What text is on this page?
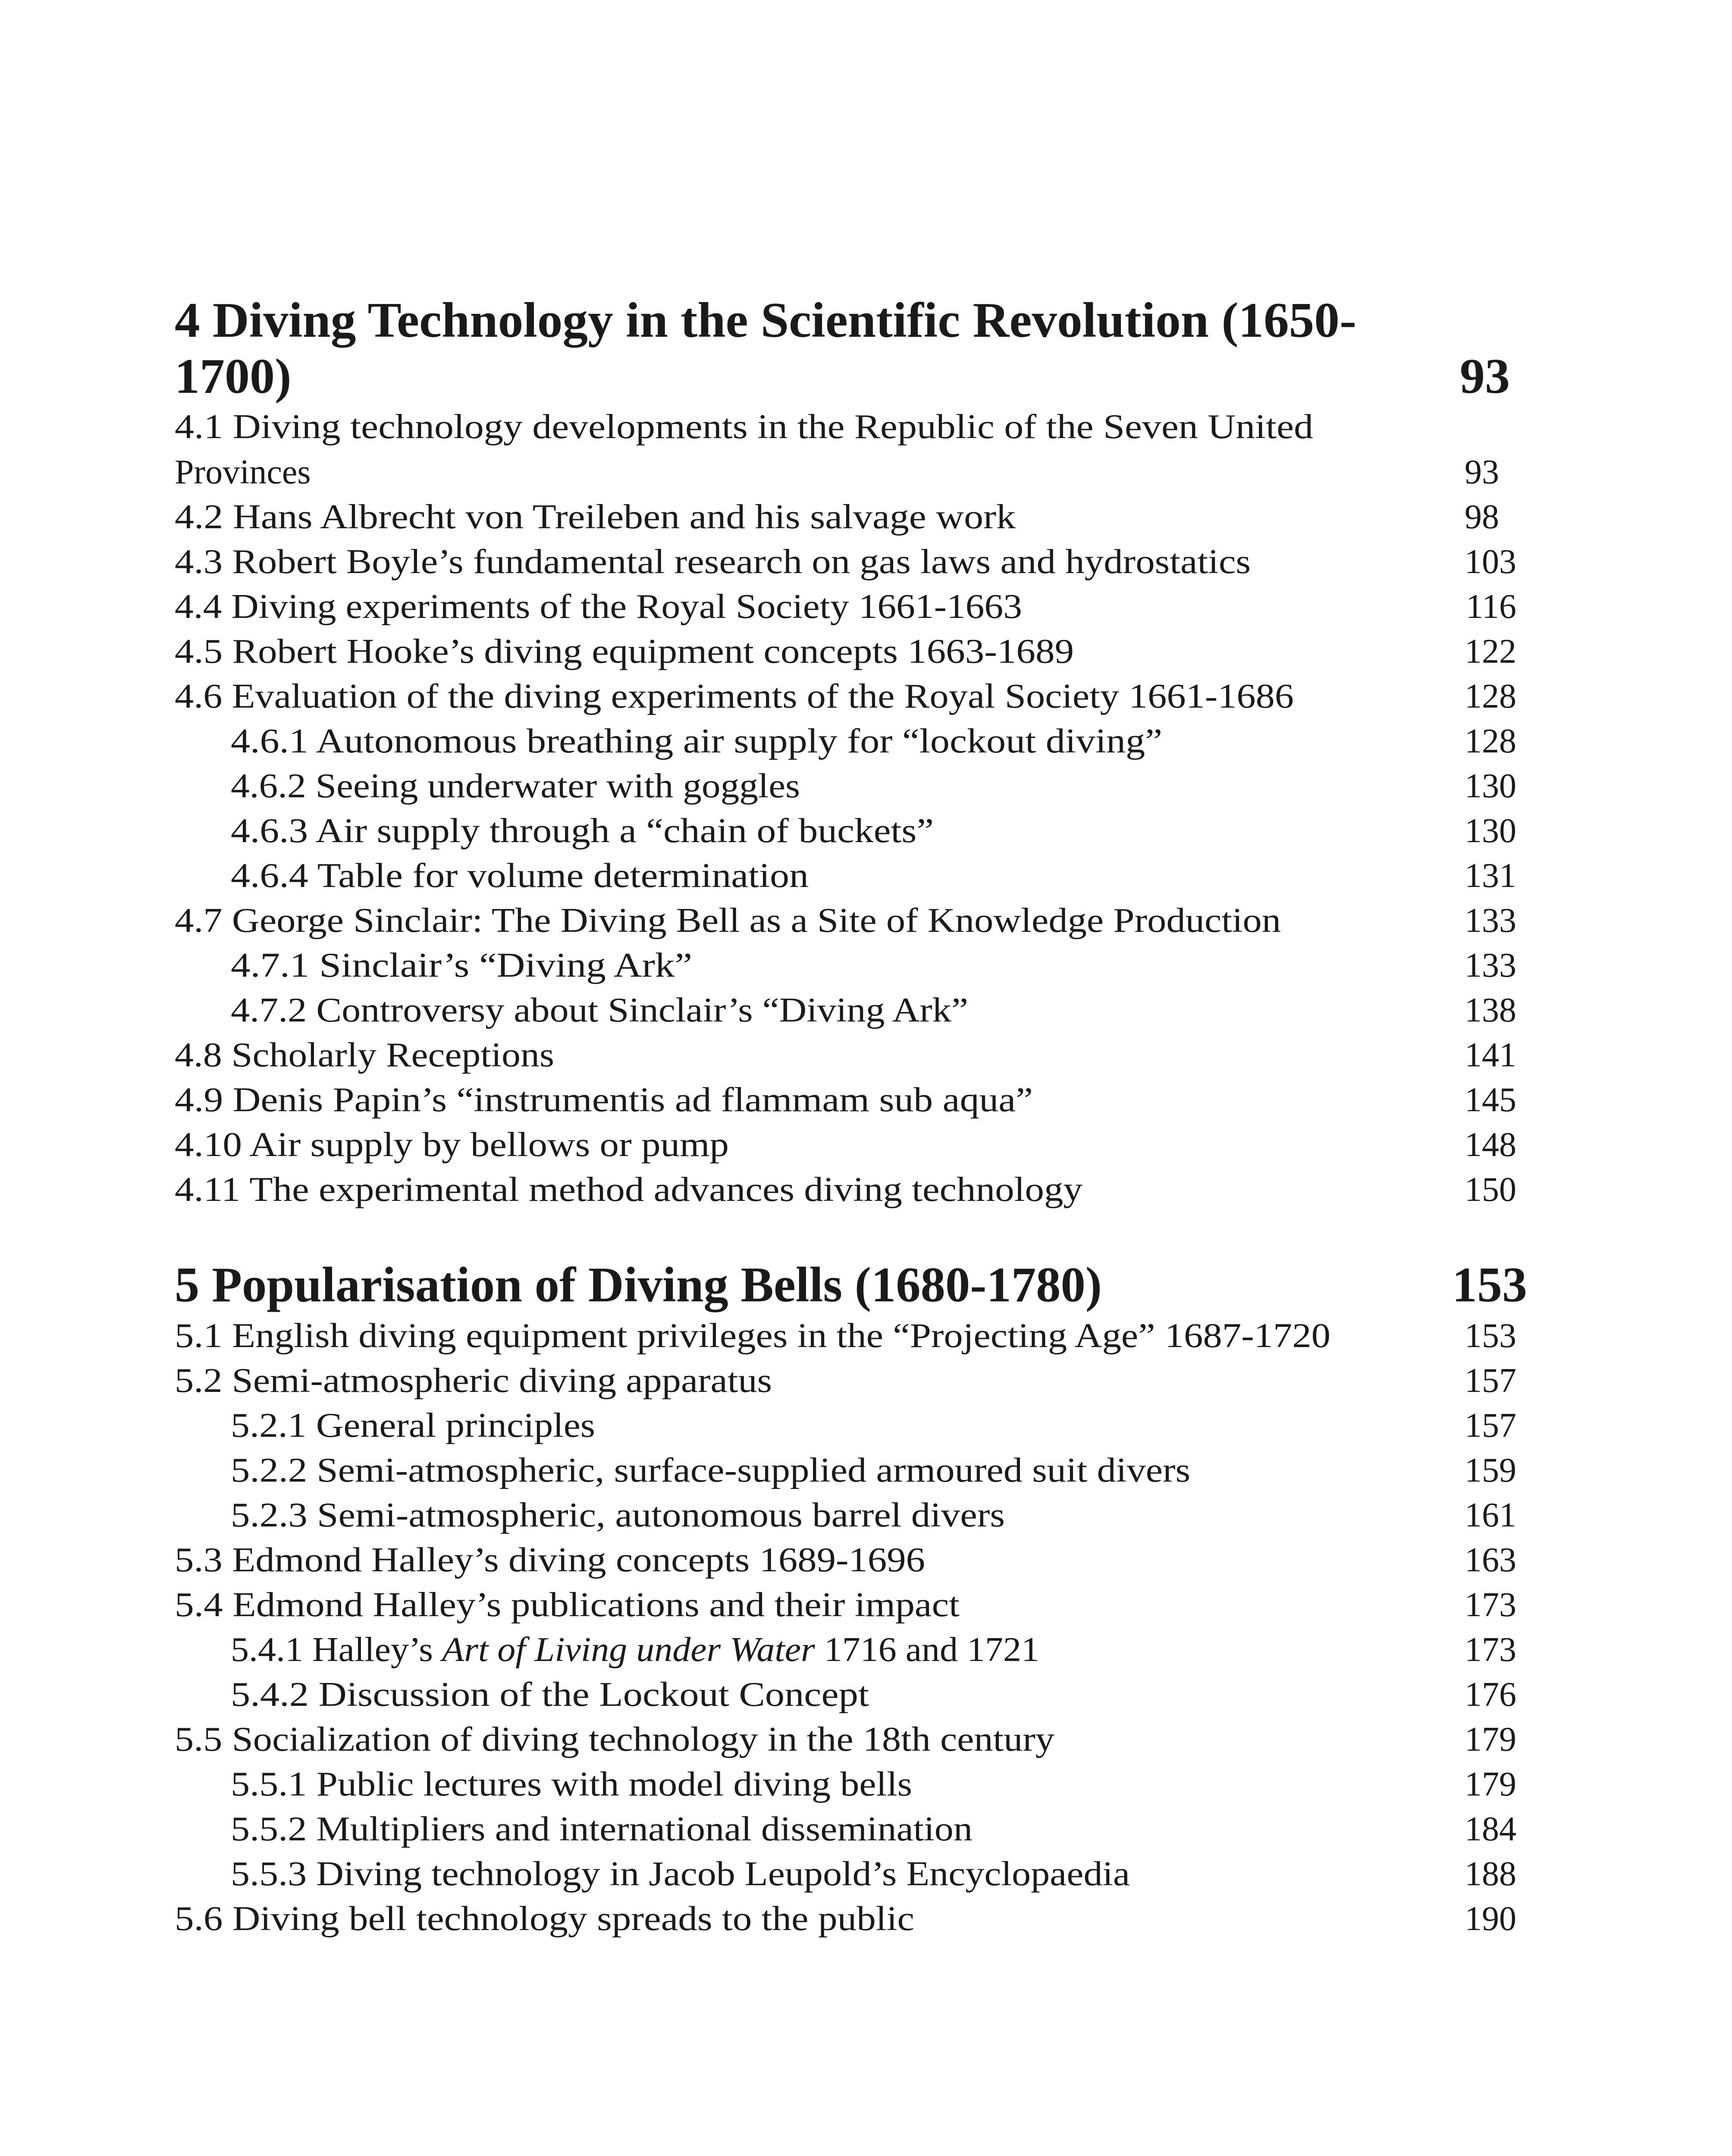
4 Diving Technology in the Scientific Revolution (1650-
1700)	93
4.1 Diving technology developments in the Republic of the Seven United
Provinces	93
4.2 Hans Albrecht von Treileben and his salvage work	98
4.3 Robert Boyle’s fundamental research on gas laws and hydrostatics	103
4.4 Diving experiments of the Royal Society 1661-1663	116
4.5 Robert Hooke’s diving equipment concepts 1663-1689	122
4.6 Evaluation of the diving experiments of the Royal Society 1661-1686	128
4.6.1 Autonomous breathing air supply for “lockout diving”	128
4.6.2 Seeing underwater with goggles	130
4.6.3 Air supply through a “chain of buckets”	130
4.6.4 Table for volume determination	131
4.7 George Sinclair: The Diving Bell as a Site of Knowledge Production	133
4.7.1 Sinclair’s “Diving Ark”	133
4.7.2 Controversy about Sinclair’s “Diving Ark”	138
4.8 Scholarly Receptions	141
4.9 Denis Papin’s “instrumentis ad flammam sub aqua”	145
4.10 Air supply by bellows or pump	148
4.11 The experimental method advances diving technology	150
5 Popularisation of Diving Bells (1680-1780)	153
5.1 English diving equipment privileges in the “Projecting Age” 1687-1720	153
5.2 Semi-atmospheric diving apparatus	157
5.2.1 General principles	157
5.2.2 Semi-atmospheric, surface-supplied armoured suit divers	159
5.2.3 Semi-atmospheric, autonomous barrel divers	161
5.3 Edmond Halley’s diving concepts 1689-1696	163
5.4 Edmond Halley’s publications and their impact	173
5.4.1 Halley’s Art of Living under Water 1716 and 1721	173
5.4.2 Discussion of the Lockout Concept	176
5.5 Socialization of diving technology in the 18th century	179
5.5.1 Public lectures with model diving bells	179
5.5.2 Multipliers and international dissemination	184
5.5.3 Diving technology in Jacob Leupold’s Encyclopaedia	188
5.6 Diving bell technology spreads to the public	190
